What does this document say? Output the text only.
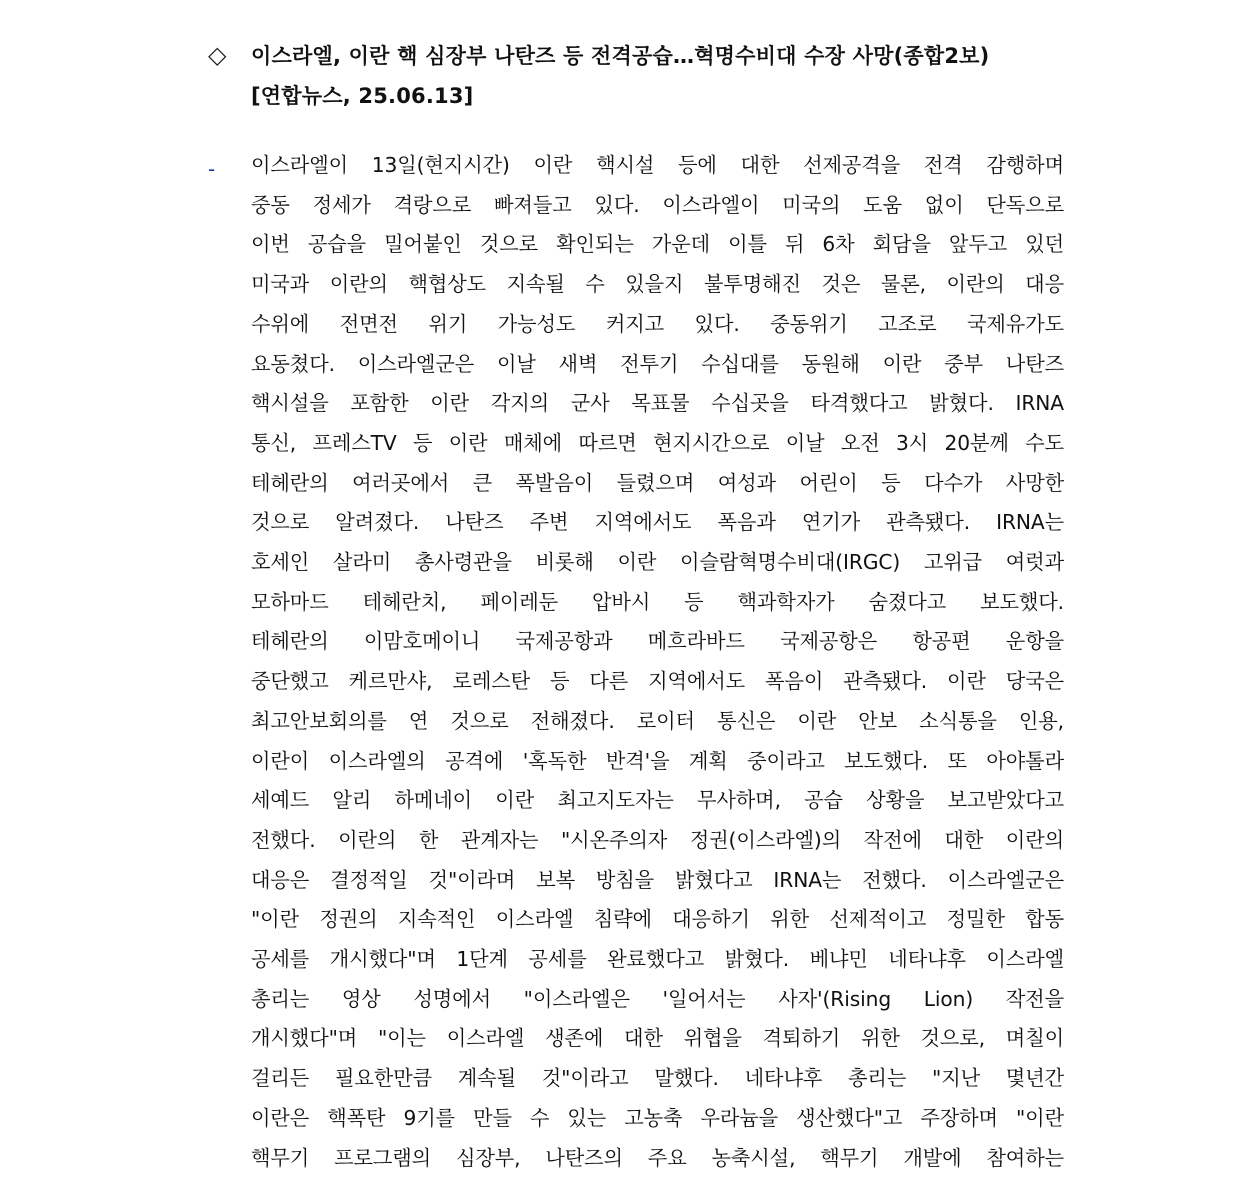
◇ 이스라엘, 이란 핵 심장부 나탄즈 등 전격공습…혁명수비대 수장 사망(종합2보)
[연합뉴스, 25.06.13]
- 이스라엘이 13일(현지시간) 이란 핵시설 등에 대한 선제공격을 전격 감행하며
중동 정세가 격랑으로 빠져들고 있다. 이스라엘이 미국의 도움 없이 단독으로
이번 공습을 밀어붙인 것으로 확인되는 가운데 이틀 뒤 6차 회담을 앞두고 있던
미국과 이란의 핵협상도 지속될 수 있을지 불투명해진 것은 물론, 이란의 대응
수위에 전면전 위기 가능성도 커지고 있다. 중동위기 고조로 국제유가도
요동쳤다. 이스라엘군은 이날 새벽 전투기 수십대를 동원해 이란 중부 나탄즈
핵시설을 포함한 이란 각지의 군사 목표물 수십곳을 타격했다고 밝혔다. IRNA
통신, 프레스TV 등 이란 매체에 따르면 현지시간으로 이날 오전 3시 20분께 수도
테헤란의 여러곳에서 큰 폭발음이 들렸으며 여성과 어린이 등 다수가 사망한
것으로 알려졌다. 나탄즈 주변 지역에서도 폭음과 연기가 관측됐다. IRNA는
호세인 살라미 총사령관을 비롯해 이란 이슬람혁명수비대(IRGC) 고위급 여럿과
모하마드 테헤란치, 페이레둔 압바시 등 핵과학자가 숨졌다고 보도했다.
테헤란의 이맘호메이니 국제공항과 메흐라바드 국제공항은 항공편 운항을
중단했고 케르만샤, 로레스탄 등 다른 지역에서도 폭음이 관측됐다. 이란 당국은
최고안보회의를 연 것으로 전해졌다. 로이터 통신은 이란 안보 소식통을 인용,
이란이 이스라엘의 공격에 '혹독한 반격'을 계획 중이라고 보도했다. 또 아야톨라
세예드 알리 하메네이 이란 최고지도자는 무사하며, 공습 상황을 보고받았다고
전했다. 이란의 한 관계자는 "시온주의자 정권(이스라엘)의 작전에 대한 이란의
대응은 결정적일 것"이라며 보복 방침을 밝혔다고 IRNA는 전했다. 이스라엘군은
"이란 정권의 지속적인 이스라엘 침략에 대응하기 위한 선제적이고 정밀한 합동
공세를 개시했다"며 1단계 공세를 완료했다고 밝혔다. 베냐민 네타냐후 이스라엘
총리는 영상 성명에서 "이스라엘은 '일어서는 사자'(Rising Lion) 작전을
개시했다"며 "이는 이스라엘 생존에 대한 위협을 격퇴하기 위한 것으로, 며칠이
걸리든 필요한만큼 계속될 것"이라고 말했다. 네타냐후 총리는 "지난 몇년간
이란은 핵폭탄 9기를 만들 수 있는 고농축 우라늄을 생산했다"고 주장하며 "이란
핵무기 프로그램의 심장부, 나탄즈의 주요 농축시설, 핵무기 개발에 참여하는
